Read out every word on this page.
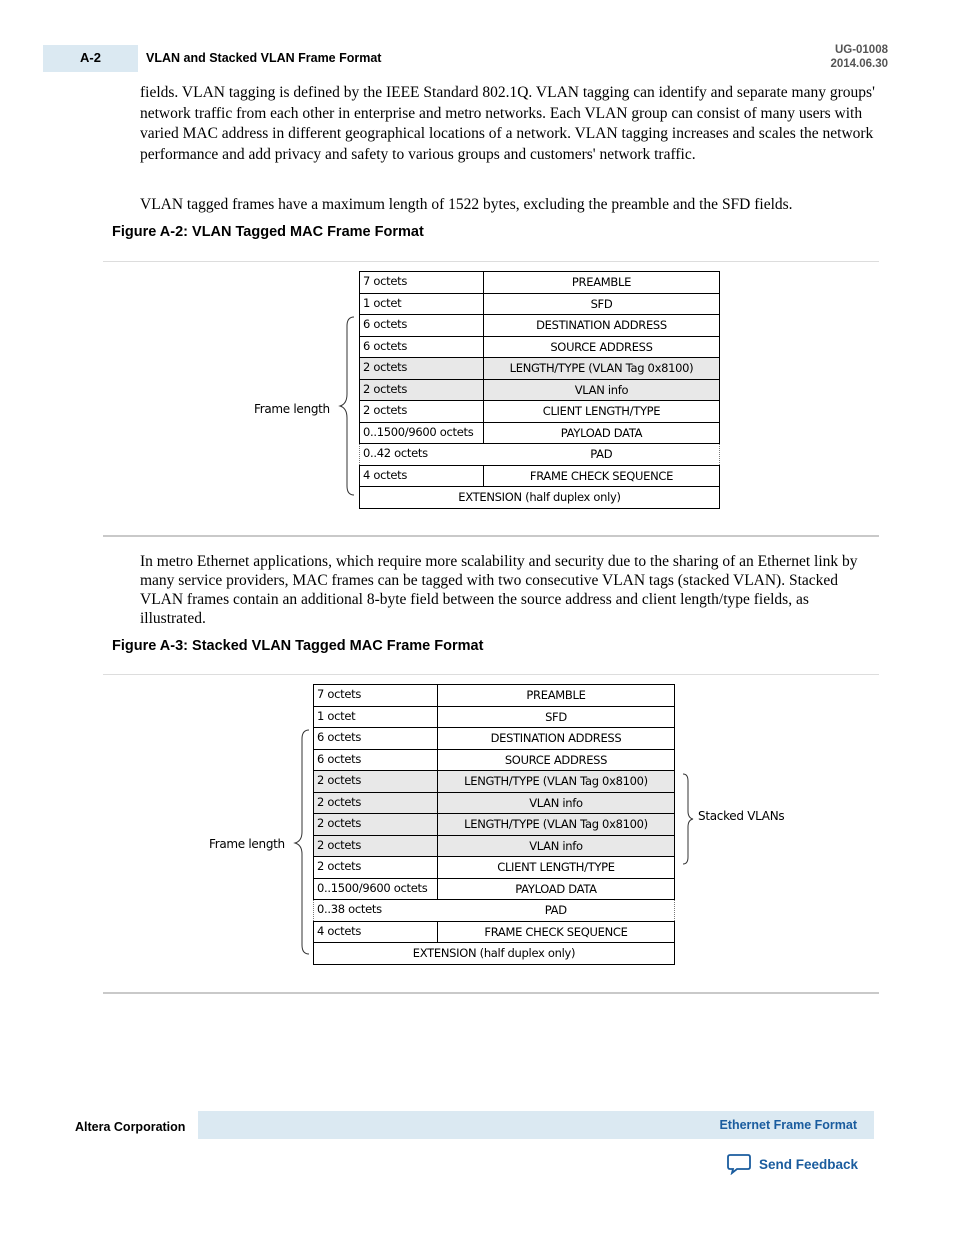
A-2	VLAN and Stacked VLAN Frame Format
UG-01008
2014.06.30
fields. VLAN tagging is defined by the IEEE Standard 802.1Q. VLAN tagging can identify and separate many groups' network traffic from each other in enterprise and metro networks. Each VLAN group can consist of many users with varied MAC address in different geographical locations of a network. VLAN tagging increases and scales the network performance and add privacy and safety to various groups and customers' network traffic.
VLAN tagged frames have a maximum length of 1522 bytes, excluding the preamble and the SFD fields.
Figure A-2: VLAN Tagged MAC Frame Format
7 octets	PREAMBLE
1 octet	SFD
6 octets	DESTINATION ADDRESS
6 octets	SOURCE ADDRESS
2 octets	LENGTH/TYPE (VLAN Tag 0x8100)
2 octets	VLAN info
2 octets	CLIENT LENGTH/TYPE
0..1500/9600 octets	PAYLOAD DATA
0..42 octets	PAD
4 octets	FRAME CHECK SEQUENCE
EXTENSION (half duplex only)	
Frame length
In metro Ethernet applications, which require more scalability and security due to the sharing of an Ethernet link by many service providers, MAC frames can be tagged with two consecutive VLAN tags (stacked VLAN). Stacked VLAN frames contain an additional 8-byte field between the source address and client length/type fields, as illustrated.
Figure A-3: Stacked VLAN Tagged MAC Frame Format
7 octets	PREAMBLE
1 octet	SFD
6 octets	DESTINATION ADDRESS
6 octets	SOURCE ADDRESS
2 octets	LENGTH/TYPE (VLAN Tag 0x8100)
2 octets	VLAN info
2 octets	LENGTH/TYPE (VLAN Tag 0x8100)
2 octets	VLAN info
2 octets	CLIENT LENGTH/TYPE
0..1500/9600 octets	PAYLOAD DATA
0..38 octets	PAD
4 octets	FRAME CHECK SEQUENCE
EXTENSION (half duplex only)	
Frame length
Stacked VLANs
Altera Corporation	Ethernet Frame Format
Send Feedback
